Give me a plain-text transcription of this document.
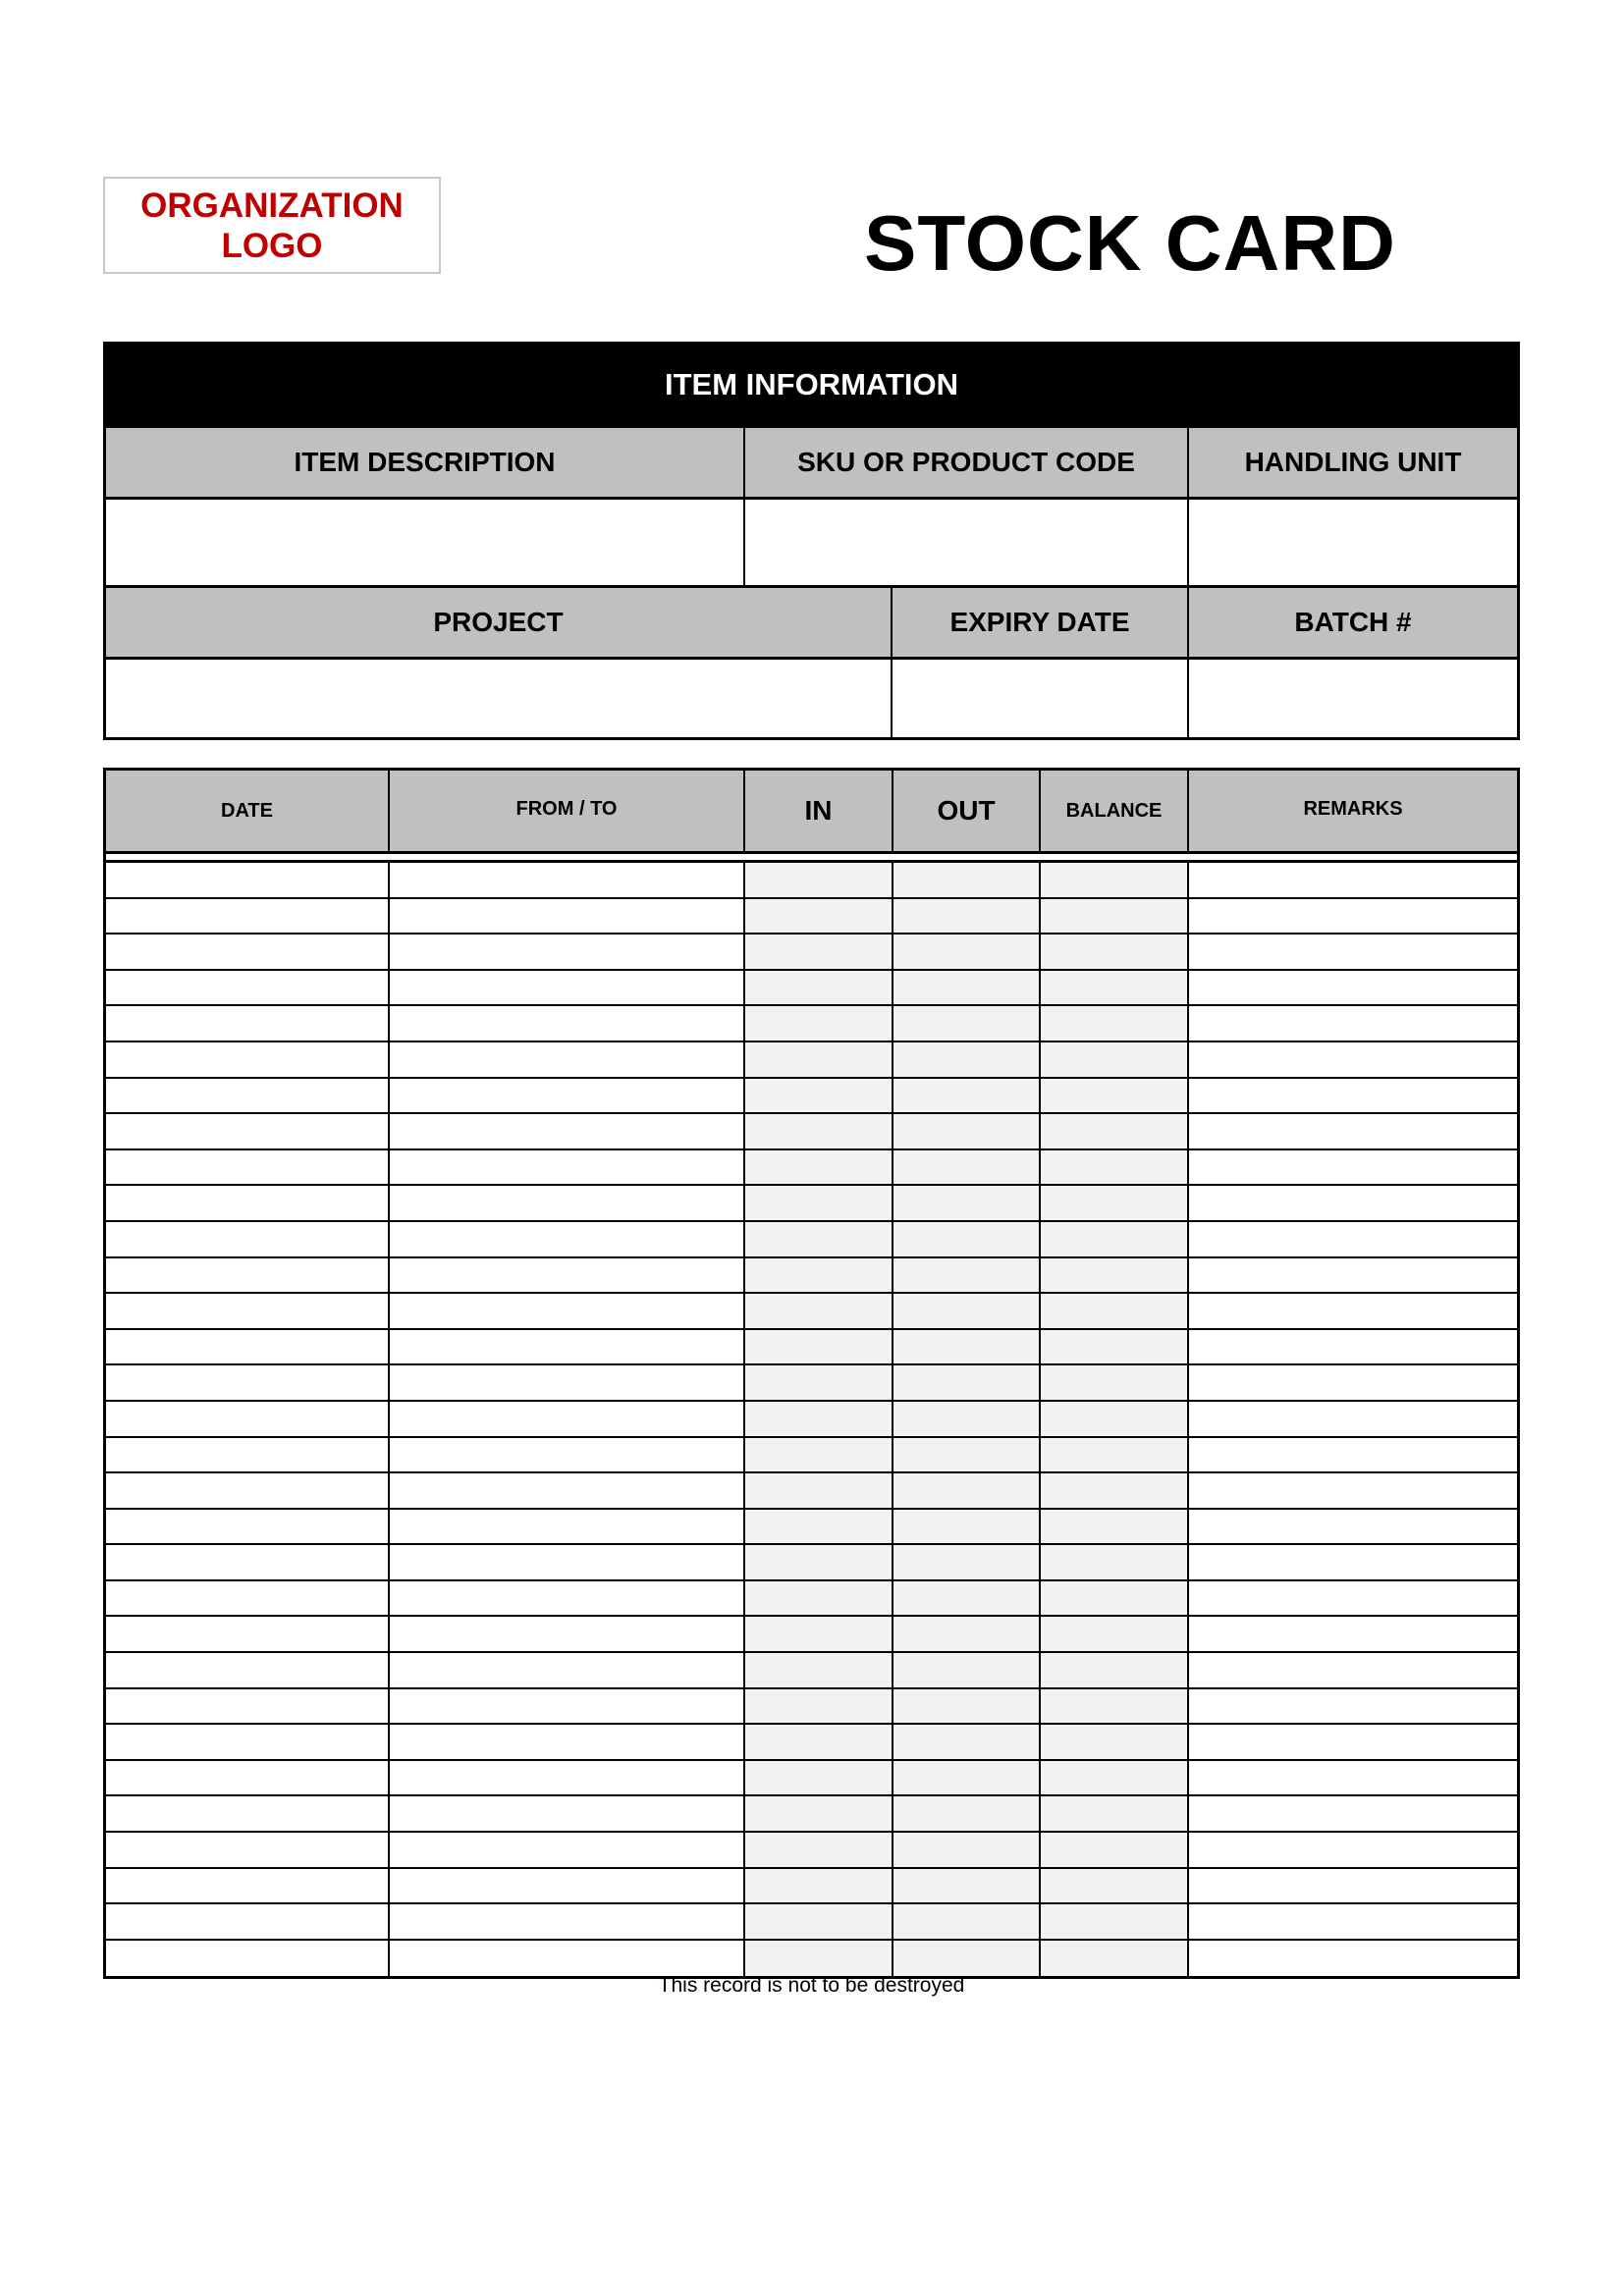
ORGANIZATION
LOGO	STOCK CARD
ITEM INFORMATION
ITEM DESCRIPTION	SKU OR PRODUCT CODE	HANDLING UNIT
PROJECT	EXPIRY DATE	BATCH #
DATE	FROM / TO	IN	OUT	BALANCE	REMARKS
This record is not to be destroyed
